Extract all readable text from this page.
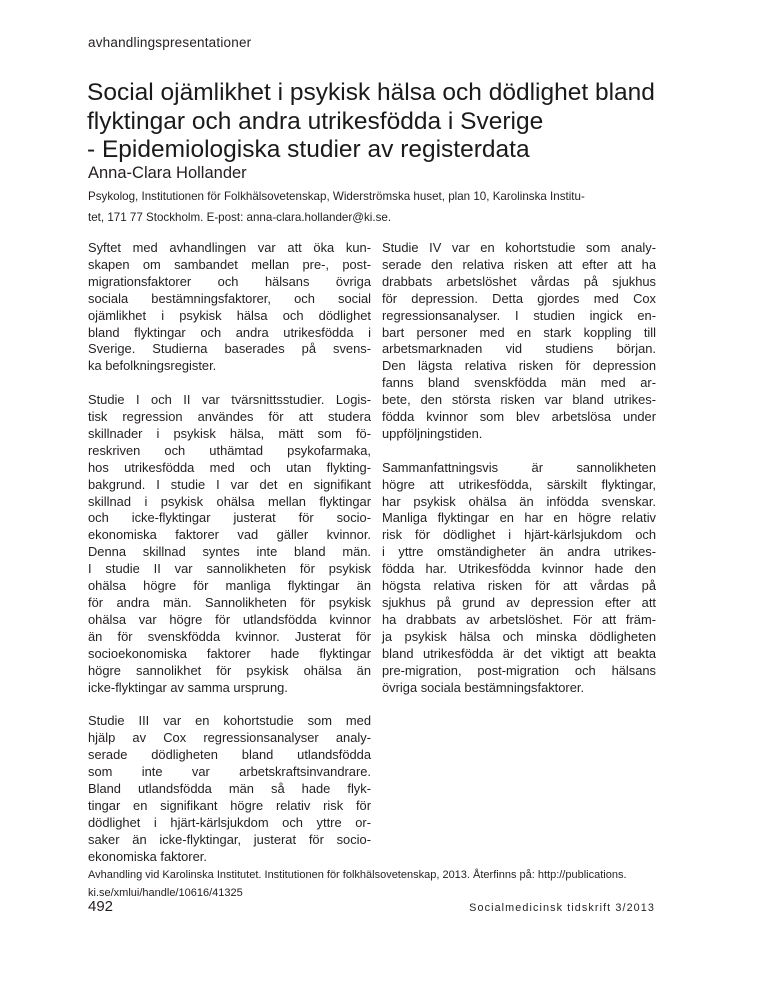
avhandlingspresentationer
Social ojämlikhet i psykisk hälsa och dödlighet bland
flyktingar och andra utrikesfödda i Sverige
- Epidemiologiska studier av registerdata
Anna-Clara Hollander
Psykolog, Institutionen för Folkhälsovetenskap, Widerströmska huset, plan 10, Karolinska Institu-
tet, 171 77 Stockholm. E-post: anna-clara.hollander@ki.se.

Syftet med avhandlingen var att öka kun-
skapen om sambandet mellan pre-, post-
migrationsfaktorer och hälsans övriga
sociala bestämningsfaktorer, och social
ojämlikhet i psykisk hälsa och dödlighet
bland flyktingar och andra utrikesfödda i
Sverige. Studierna baserades på svens-
ka befolkningsregister.

Studie I och II var tvärsnittsstudier. Logis-
tisk regression användes för att studera
skillnader i psykisk hälsa, mätt som fö-
reskriven och uthämtad psykofarmaka,
hos utrikesfödda med och utan flykting-
bakgrund. I studie I var det en signifikant
skillnad i psykisk ohälsa mellan flyktingar
och icke-flyktingar justerat för socio-
ekonomiska faktorer vad gäller kvinnor.
Denna skillnad syntes inte bland män.
I studie II var sannolikheten för psykisk
ohälsa högre för manliga flyktingar än
för andra män. Sannolikheten för psykisk
ohälsa var högre för utlandsfödda kvinnor
än för svenskfödda kvinnor. Justerat för
socioekonomiska faktorer hade flyktingar
högre sannolikhet för psykisk ohälsa än
icke-flyktingar av samma ursprung.

Studie III var en kohortstudie som med
hjälp av Cox regressionsanalyser analy-
serade dödligheten bland utlandsfödda
som inte var arbetskraftsinvandrare.
Bland utlandsfödda män så hade flyk-
tingar en signifikant högre relativ risk för
dödlighet i hjärt-kärlsjukdom och yttre or-
saker än icke-flyktingar, justerat för socio-
ekonomiska faktorer.

Studie IV var en kohortstudie som analy-
serade den relativa risken att efter att ha
drabbats arbetslöshet vårdas på sjukhus
för depression. Detta gjordes med Cox
regressionsanalyser. I studien ingick en-
bart personer med en stark koppling till
arbetsmarknaden vid studiens början.
Den lägsta relativa risken för depression
fanns bland svenskfödda män med ar-
bete, den största risken var bland utrikes-
födda kvinnor som blev arbetslösa under
uppföljningstiden.

Sammanfattningsvis är sannolikheten
högre att utrikesfödda, särskilt flyktingar,
har psykisk ohälsa än infödda svenskar.
Manliga flyktingar en har en högre relativ
risk för dödlighet i hjärt-kärlsjukdom och
i yttre omständigheter än andra utrikes-
födda har. Utrikesfödda kvinnor hade den
högsta relativa risken för att vårdas på
sjukhus på grund av depression efter att
ha drabbats av arbetslöshet. För att främ-
ja psykisk hälsa och minska dödligheten
bland utrikesfödda är det viktigt att beakta
pre-migration, post-migration och hälsans
övriga sociala bestämningsfaktorer.

Avhandling vid Karolinska Institutet. Institutionen för folkhälsovetenskap, 2013. Återfinns på: http://publications.
ki.se/xmlui/handle/10616/41325
492	Socialmedicinsk tidskrift 3/2013
